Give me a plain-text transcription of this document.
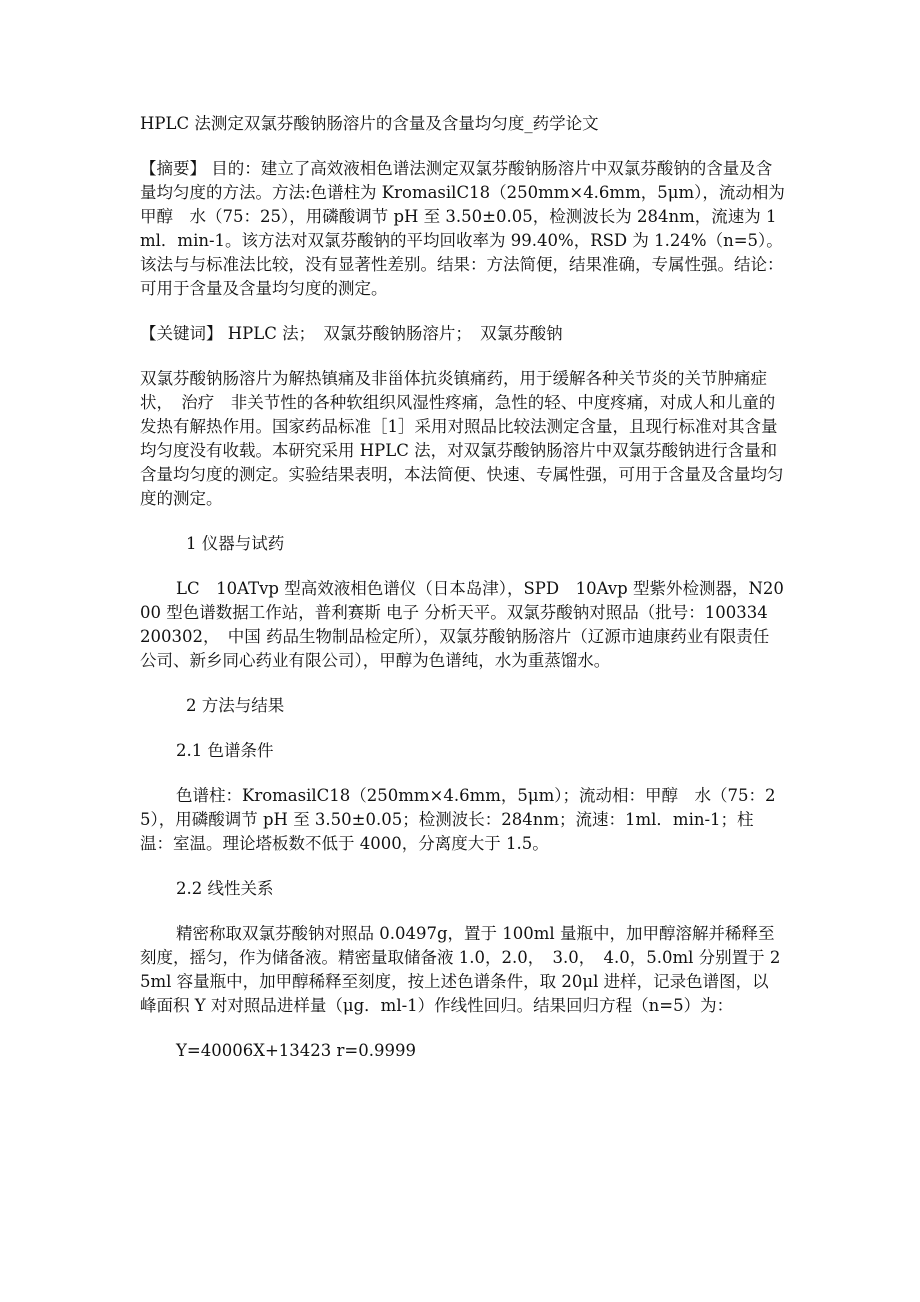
HPLC 法测定双氯芬酸钠肠溶片的含量及含量均匀度_药学论文

【摘要】 目的：建立了高效液相色谱法测定双氯芬酸钠肠溶片中双氯芬酸钠的含量及含量均匀度的方法。方法:色谱柱为 KromasilC18（250mm×4.6mm，5μm），流动相为甲醇　水（75：25），用磷酸调节 pH 至 3.50±0.05，检测波长为 284nm，流速为 1ml．min-1。该方法对双氯芬酸钠的平均回收率为 99.40%，RSD 为 1.24%（n=5）。该法与与标准法比较，没有显著性差别。结果：方法简便，结果准确，专属性强。结论：可用于含量及含量均匀度的测定。

【关键词】 HPLC 法；　双氯芬酸钠肠溶片；　双氯芬酸钠

双氯芬酸钠肠溶片为解热镇痛及非甾体抗炎镇痛药，用于缓解各种关节炎的关节肿痛症状，　治疗　非关节性的各种软组织风湿性疼痛，急性的轻、中度疼痛，对成人和儿童的发热有解热作用。国家药品标准［1］采用对照品比较法测定含量，且现行标准对其含量均匀度没有收载。本研究采用 HPLC 法，对双氯芬酸钠肠溶片中双氯芬酸钠进行含量和含量均匀度的测定。实验结果表明，本法简便、快速、专属性强，可用于含量及含量均匀度的测定。

1 仪器与试药

LC　10ATvp 型高效液相色谱仪（日本岛津），SPD　10Avp 型紫外检测器，N2000 型色谱数据工作站，普利赛斯 电子 分析天平。双氯芬酸钠对照品（批号：100334　200302，　中国 药品生物制品检定所），双氯芬酸钠肠溶片（辽源市迪康药业有限责任公司、新乡同心药业有限公司），甲醇为色谱纯，水为重蒸馏水。

2 方法与结果

2.1 色谱条件

色谱柱：KromasilC18（250mm×4.6mm，5μm）；流动相：甲醇　水（75：25），用磷酸调节 pH 至 3.50±0.05；检测波长：284nm；流速：1ml．min-1；柱温：室温。理论塔板数不低于 4000，分离度大于 1.5。

2.2 线性关系

精密称取双氯芬酸钠对照品 0.0497g，置于 100ml 量瓶中，加甲醇溶解并稀释至刻度，摇匀，作为储备液。精密量取储备液 1.0，2.0，　3.0，　4.0，5.0ml 分别置于 25ml 容量瓶中，加甲醇稀释至刻度，按上述色谱条件，取 20μl 进样，记录色谱图，以峰面积 Y 对对照品进样量（μg．ml-1）作线性回归。结果回归方程（n=5）为：

Y=40006X+13423 r=0.9999
